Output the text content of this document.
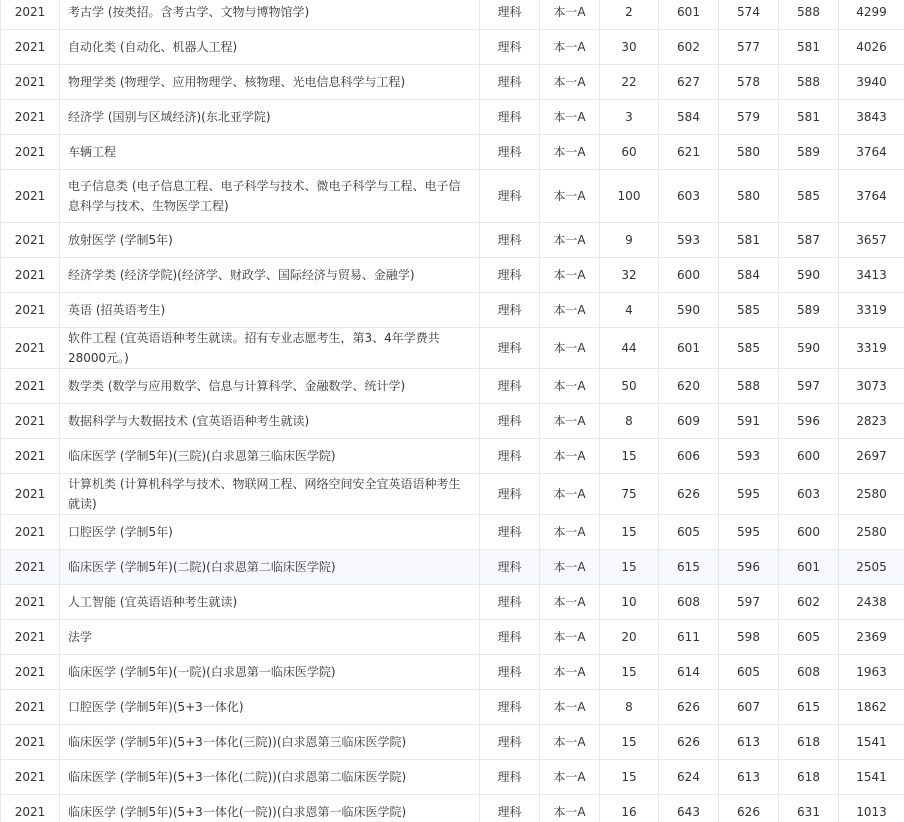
2021	考古学 (按类招。含考古学、文物与博物馆学)	理科	本一A	2	601	574	588	4299
2021	自动化类 (自动化、机器人工程)	理科	本一A	30	602	577	581	4026
2021	物理学类 (物理学、应用物理学、核物理、光电信息科学与工程)	理科	本一A	22	627	578	588	3940
2021	经济学 (国别与区域经济)(东北亚学院)	理科	本一A	3	584	579	581	3843
2021	车辆工程	理科	本一A	60	621	580	589	3764
2021	电子信息类 (电子信息工程、电子科学与技术、微电子科学与工程、电子信息科学与技术、生物医学工程)	理科	本一A	100	603	580	585	3764
2021	放射医学 (学制5年)	理科	本一A	9	593	581	587	3657
2021	经济学类 (经济学院)(经济学、财政学、国际经济与贸易、金融学)	理科	本一A	32	600	584	590	3413
2021	英语 (招英语考生)	理科	本一A	4	590	585	589	3319
2021	软件工程 (宜英语语种考生就读。招有专业志愿考生，第3、4年学费共28000元。)	理科	本一A	44	601	585	590	3319
2021	数学类 (数学与应用数学、信息与计算科学、金融数学、统计学)	理科	本一A	50	620	588	597	3073
2021	数据科学与大数据技术 (宜英语语种考生就读)	理科	本一A	8	609	591	596	2823
2021	临床医学 (学制5年)(三院)(白求恩第三临床医学院)	理科	本一A	15	606	593	600	2697
2021	计算机类 (计算机科学与技术、物联网工程、网络空间安全宜英语语种考生就读)	理科	本一A	75	626	595	603	2580
2021	口腔医学 (学制5年)	理科	本一A	15	605	595	600	2580
2021	临床医学 (学制5年)(二院)(白求恩第二临床医学院)	理科	本一A	15	615	596	601	2505
2021	人工智能 (宜英语语种考生就读)	理科	本一A	10	608	597	602	2438
2021	法学	理科	本一A	20	611	598	605	2369
2021	临床医学 (学制5年)(一院)(白求恩第一临床医学院)	理科	本一A	15	614	605	608	1963
2021	口腔医学 (学制5年)(5+3一体化)	理科	本一A	8	626	607	615	1862
2021	临床医学 (学制5年)(5+3一体化(三院))(白求恩第三临床医学院)	理科	本一A	15	626	613	618	1541
2021	临床医学 (学制5年)(5+3一体化(二院))(白求恩第二临床医学院)	理科	本一A	15	624	613	618	1541
2021	临床医学 (学制5年)(5+3一体化(一院))(白求恩第一临床医学院)	理科	本一A	16	643	626	631	1013
